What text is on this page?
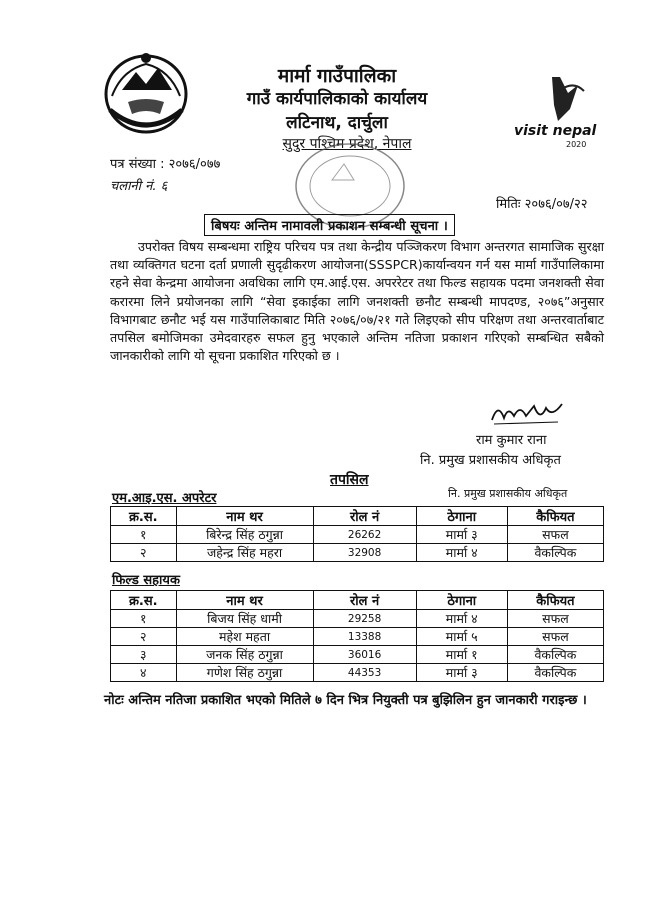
visit nepal
2020
मार्मा गाउँपालिका
गाउँ कार्यपालिकाको कार्यालय
लटिनाथ, दार्चुला
सुदुर पश्चिम प्रदेश, नेपाल
पत्र संख्या : २०७६/०७७
चलानी नं. ६
मितिः २०७६/०७/२२
बिषयः अन्तिम नामावली प्रकाशन सम्बन्धी सूचना ।

उपरोक्त विषय सम्बन्धमा राष्ट्रिय परिचय पत्र तथा केन्द्रीय पञ्जिकरण विभाग अन्तरगत सामाजिक सुरक्षा तथा व्यक्तिगत घटना दर्ता प्रणाली सुदृढीकरण आयोजना(SSSPCR)कार्यान्वयन गर्न यस मार्मा गाउँपालिकामा रहने सेवा केन्द्रमा आयोजना अवधिका लागि एम.आई.एस. अपररेटर तथा फिल्ड सहायक पदमा जनशक्ती सेवा करारमा लिने प्रयोजनका लागि “सेवा इकाईका लागि जनशक्ती छनौट सम्बन्धी मापदण्ड, २०७६”अनुसार विभागबाट छनौट भई यस गाउँपालिकाबाट मिति २०७६/०७/२१ गते लिइएको सीप परिक्षण तथा अन्तरवार्ताबाट तपसिल बमोजिमका उमेदवारहरु सफल हुनु भएकाले अन्तिम नतिजा प्रकाशन गरिएको सम्बन्धित सबैको जानकारीको लागि यो सूचना प्रकाशित गरिएको छ ।

राम कुमार राना
नि. प्रमुख प्रशासकीय अधिकृत
नि. प्रमुख प्रशासकीय अधिकृत
तपसिल
एम.आइ.एस. अपरेटर
क्र.स.	नाम थर	रोल नं	ठेगाना	कैफियत
१	बिरेन्द्र सिंह ठगुन्ना	26262	मार्मा ३	सफल
२	जहेन्द्र सिंह महरा	32908	मार्मा ४	वैकल्पिक
फिल्ड सहायक
क्र.स.	नाम थर	रोल नं	ठेगाना	कैफियत
१	बिजय सिंह धामी	29258	मार्मा ४	सफल
२	महेश महता	13388	मार्मा ५	सफल
३	जनक सिंह ठगुन्ना	36016	मार्मा १	वैकल्पिक
४	गणेश सिंह ठगुन्ना	44353	मार्मा ३	वैकल्पिक
नोटः अन्तिम नतिजा प्रकाशित भएको मितिले ७ दिन भित्र नियुक्ती पत्र बुझिलिन हुन जानकारी गराइन्छ ।
